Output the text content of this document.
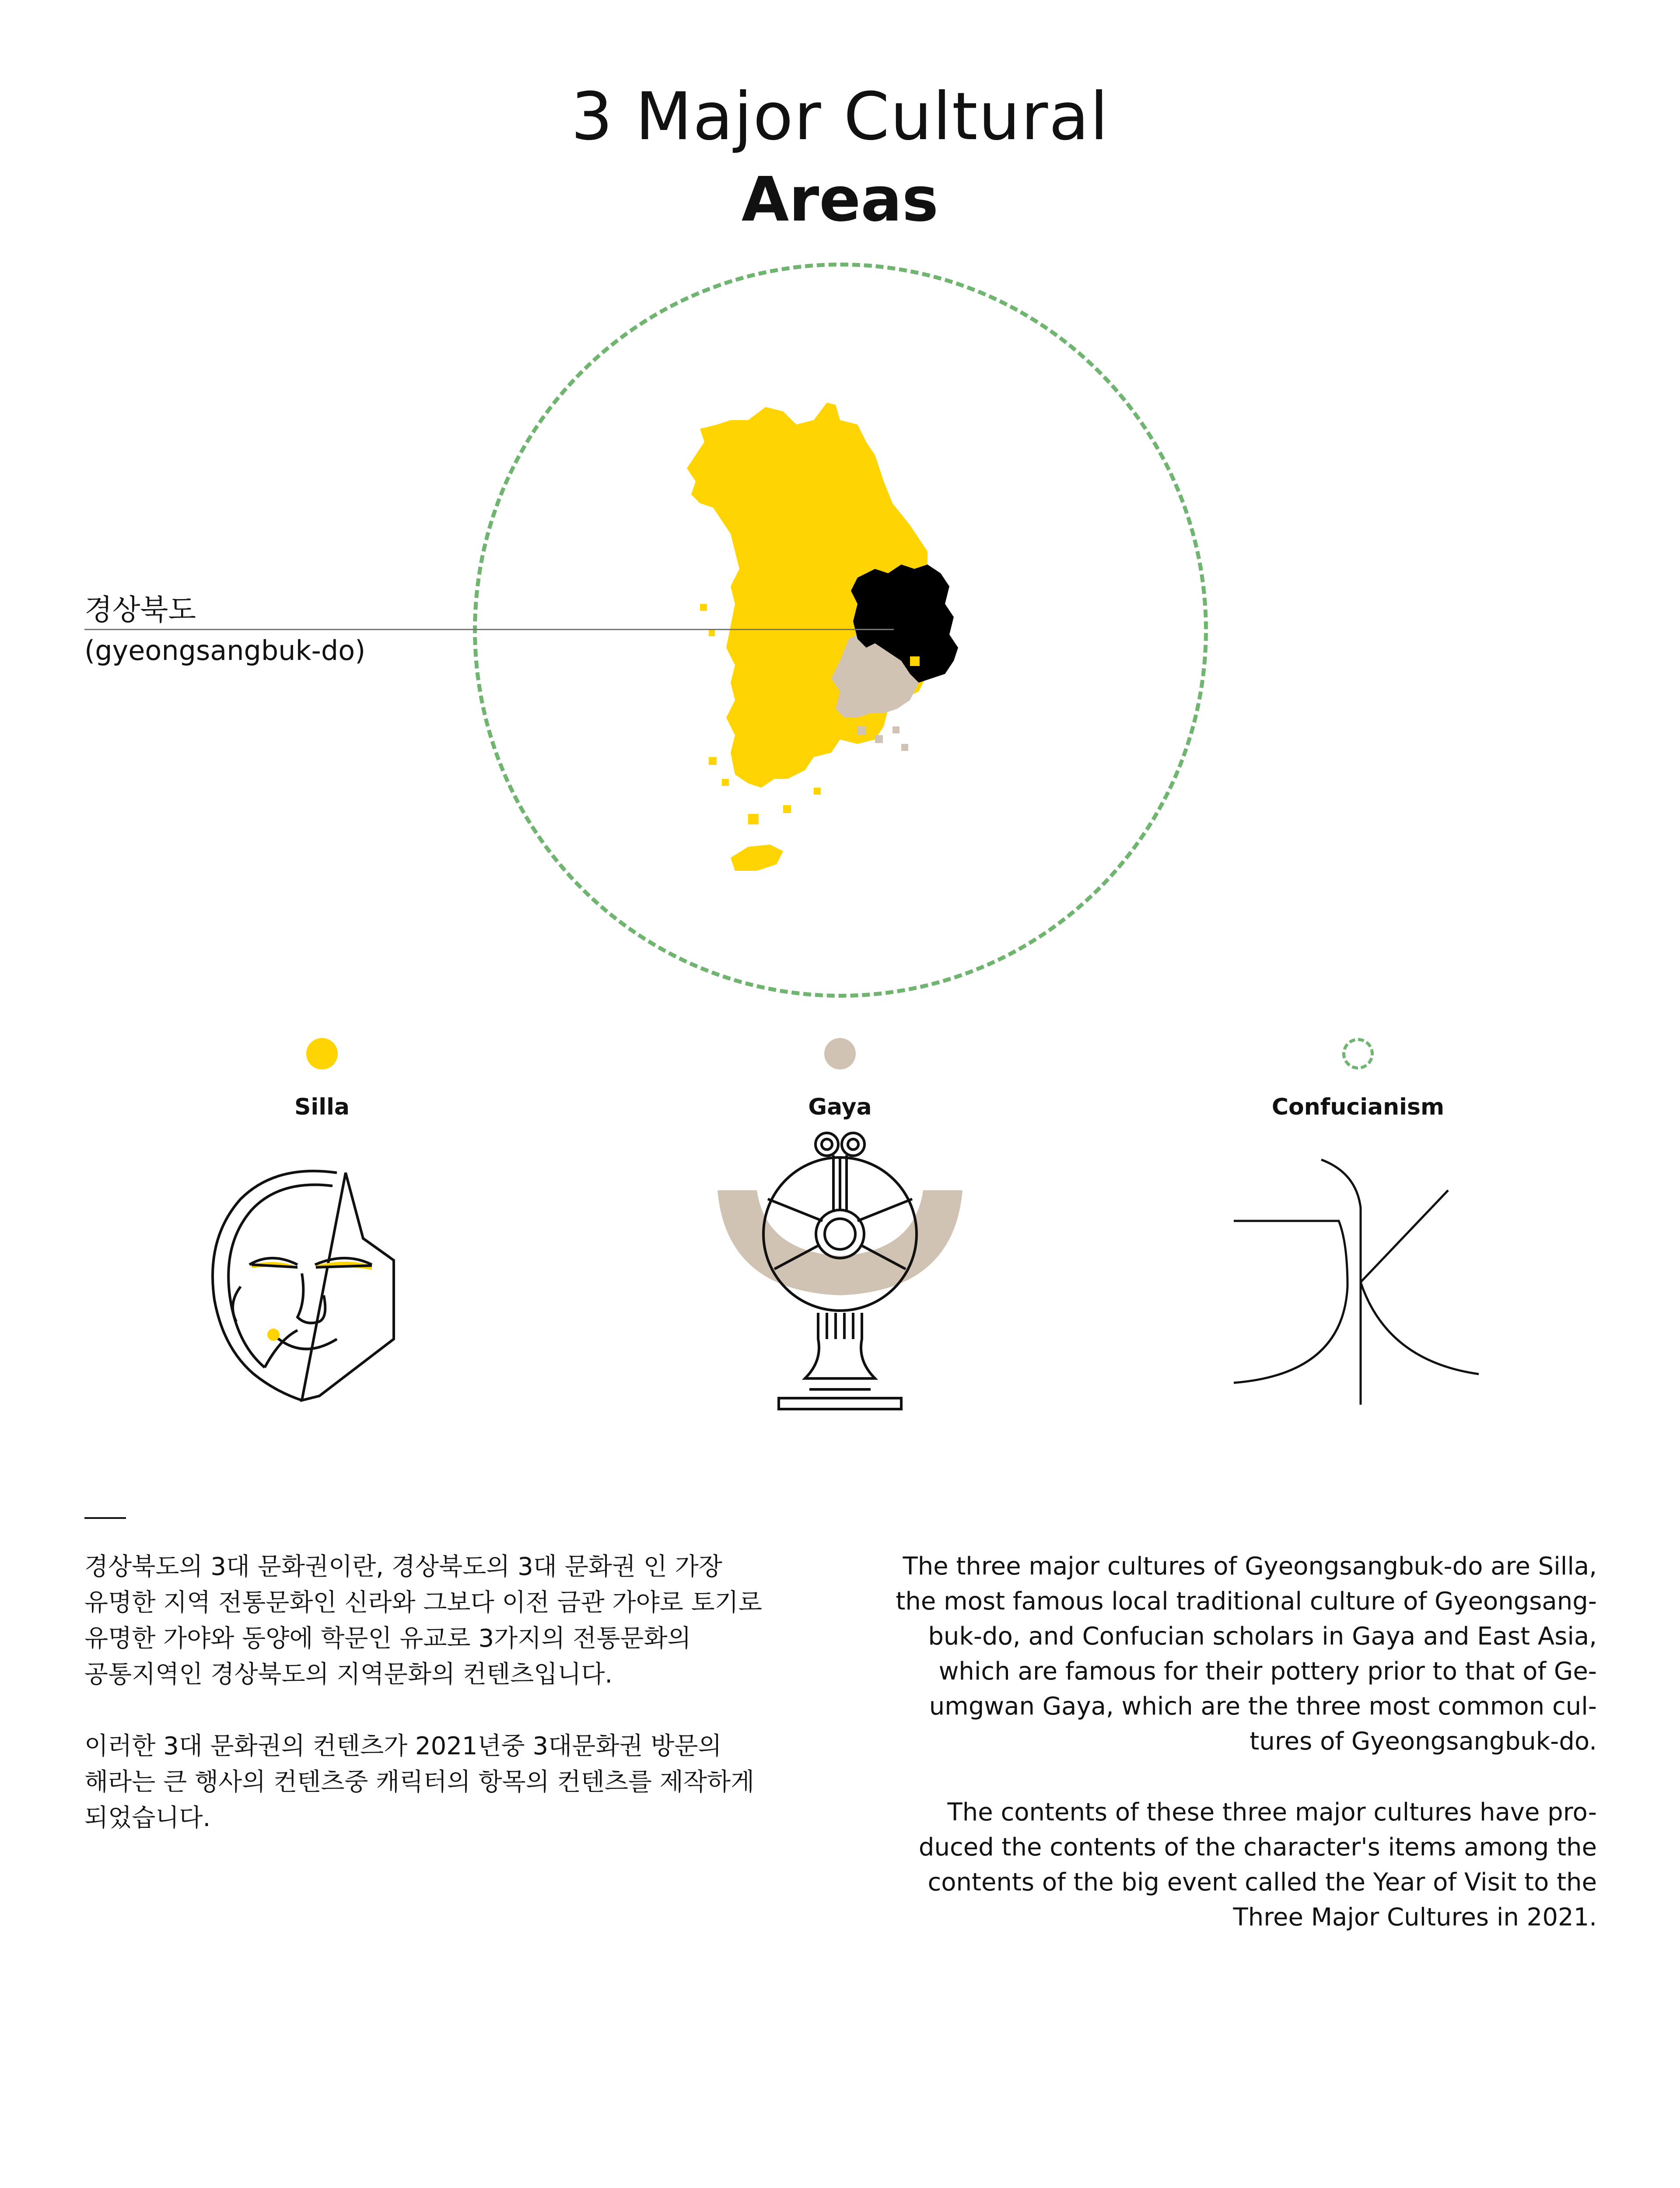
3 Major Cultural
Areas
경상북도
(gyeongsangbuk-do)
Silla	Gaya	Confucianism

경상북도의 3대 문화권이란, 경상북도의 3대 문화권 인 가장
유명한 지역 전통문화인 신라와 그보다 이전 금관 가야로 토기로
유명한 가야와 동양에 학문인 유교로 3가지의 전통문화의
공통지역인 경상북도의 지역문화의 컨텐츠입니다.

이러한 3대 문화권의 컨텐츠가 2021년중 3대문화권 방문의
해라는 큰 행사의 컨텐츠중 캐릭터의 항목의 컨텐츠를 제작하게
되었습니다.

The three major cultures of Gyeongsangbuk-do are Silla,
the most famous local traditional culture of Gyeongsang-
buk-do, and Confucian scholars in Gaya and East Asia,
which are famous for their pottery prior to that of Ge-
umgwan Gaya, which are the three most common cul-
tures of Gyeongsangbuk-do.

The contents of these three major cultures have pro-
duced the contents of the character's items among the
contents of the big event called the Year of Visit to the
Three Major Cultures in 2021.
